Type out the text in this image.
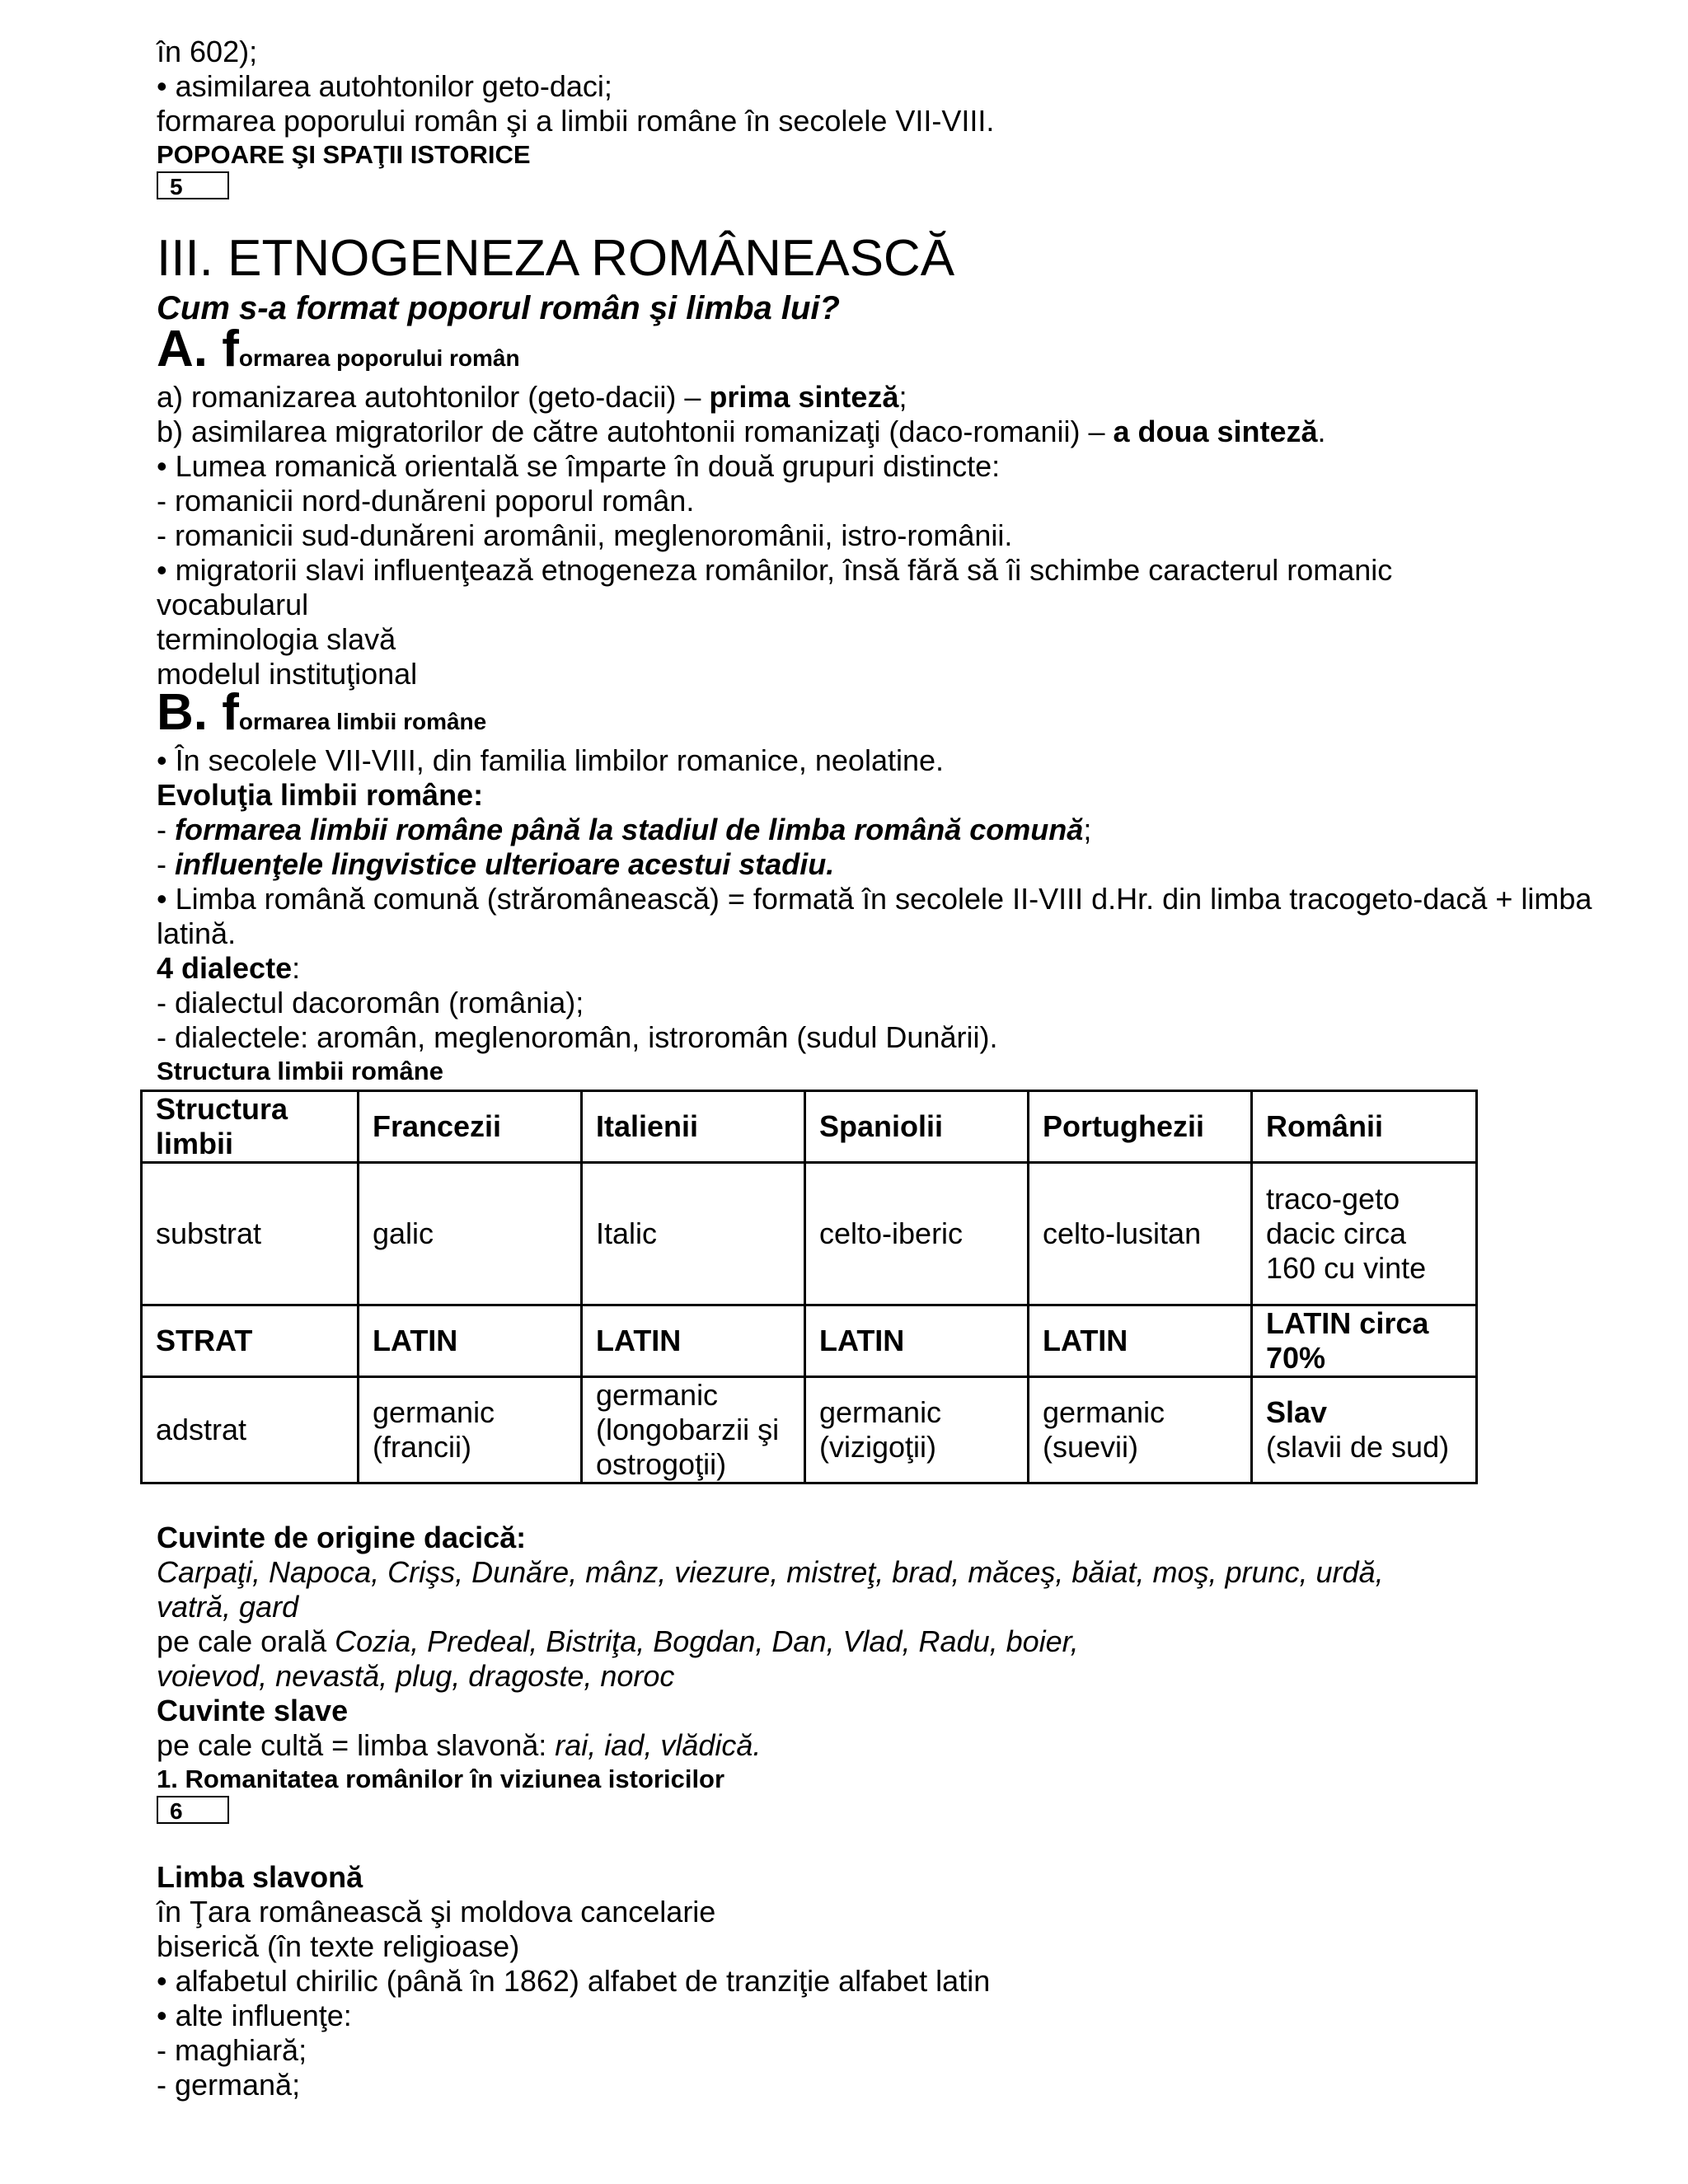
în 602);
• asimilarea autohtonilor geto-daci;
formarea poporului român şi a limbii române în secolele VII-VIII.
POPOARE ŞI SPAŢII ISTORICE
5
III. ETNOGENEZA ROMÂNEASCĂ
Cum s-a format poporul român şi limba lui?
A. formarea poporului român
a) romanizarea autohtonilor (geto-dacii) – prima sinteză;
b) asimilarea migratorilor de către autohtonii romanizaţi (daco-romanii) – a doua sinteză.
• Lumea romanică orientală se împarte în două grupuri distincte:
- romanicii nord-dunăreni poporul român.
- romanicii sud-dunăreni aromânii, meglenoromânii, istro-românii.
• migratorii slavi influenţează etnogeneza românilor, însă fără să îi schimbe caracterul romanic
vocabularul
terminologia slavă
modelul instituţional
B. formarea limbii române
• În secolele VII-VIII, din familia limbilor romanice, neolatine.
Evoluţia limbii române:
- formarea limbii române până la stadiul de limba română comună;
- influenţele lingvistice ulterioare acestui stadiu.
• Limba română comună (străromânească) = formată în secolele II-VIII d.Hr. din limba tracogeto-dacă + limba
latină.
4 dialecte:
- dialectul dacoromân (românia);
- dialectele: aromân, meglenoromân, istroromân (sudul Dunării).
Structura limbii române
Structura limbii	Francezii	Italienii	Spaniolii	Portughezii	Românii
substrat	galic	Italic	celto-iberic	celto-lusitan	traco-geto dacic circa 160 cu vinte
STRAT	LATIN	LATIN	LATIN	LATIN	LATIN circa 70%
adstrat	germanic (francii)	germanic (longobarzii şi ostrogoţii)	germanic (vizigoţii)	germanic (suevii)	Slav
(slavii de sud)
Cuvinte de origine dacică:
Carpaţi, Napoca, Crişs, Dunăre, mânz, viezure, mistreţ, brad, măceş, băiat, moş, prunc, urdă,
vatră, gard
pe cale orală Cozia, Predeal, Bistriţa, Bogdan, Dan, Vlad, Radu, boier,
voievod, nevastă, plug, dragoste, noroc
Cuvinte slave
pe cale cultă = limba slavonă: rai, iad, vlădică.
1. Romanitatea românilor în viziunea istoricilor
6
Limba slavonă
în Ţara românească şi moldova cancelarie
biserică (în texte religioase)
• alfabetul chirilic (până în 1862) alfabet de tranziţie alfabet latin
• alte influenţe:
- maghiară;
- germană;
